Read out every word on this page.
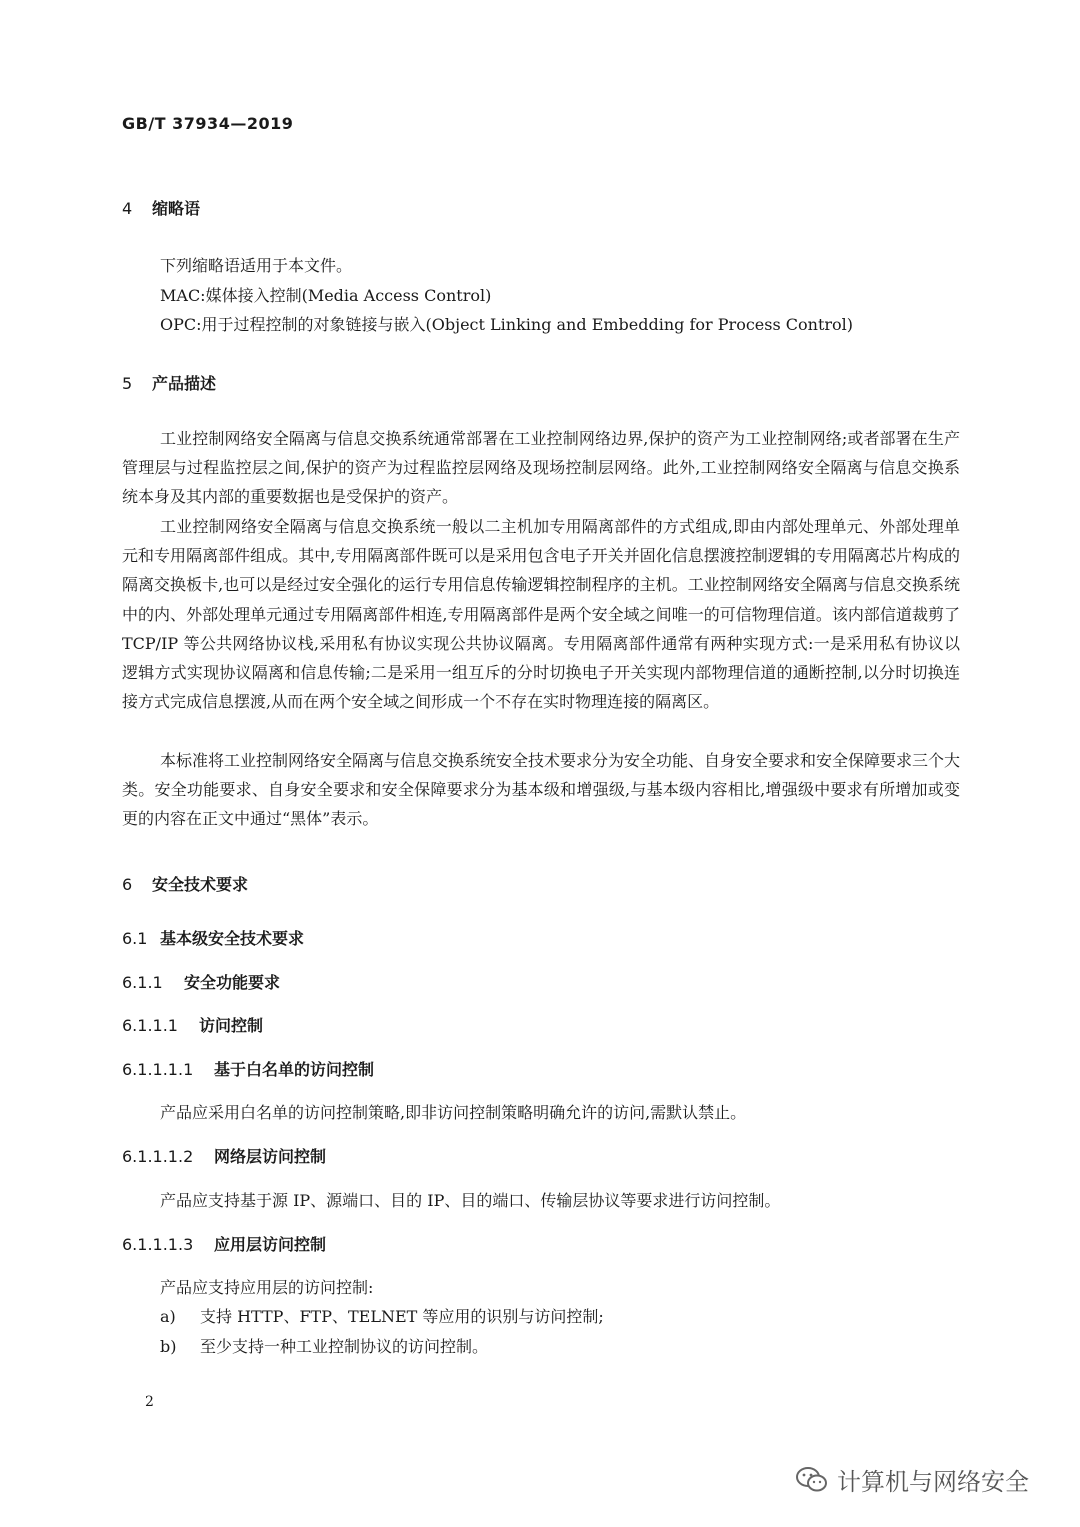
GB/T 37934—2019
4 缩略语
下列缩略语适用于本文件。
MAC:媒体接入控制(Media Access Control)
OPC:用于过程控制的对象链接与嵌入(Object Linking and Embedding for Process Control)
5 产品描述
工业控制网络安全隔离与信息交换系统通常部署在工业控制网络边界,保护的资产为工业控制网络;或者部署在生产管理层与过程监控层之间,保护的资产为过程监控层网络及现场控制层网络。此外,工业控制网络安全隔离与信息交换系统本身及其内部的重要数据也是受保护的资产。
工业控制网络安全隔离与信息交换系统一般以二主机加专用隔离部件的方式组成,即由内部处理单元、外部处理单元和专用隔离部件组成。其中,专用隔离部件既可以是采用包含电子开关并固化信息摆渡控制逻辑的专用隔离芯片构成的隔离交换板卡,也可以是经过安全强化的运行专用信息传输逻辑控制程序的主机。工业控制网络安全隔离与信息交换系统中的内、外部处理单元通过专用隔离部件相连,专用隔离部件是两个安全域之间唯一的可信物理信道。该内部信道裁剪了 TCP/IP 等公共网络协议栈,采用私有协议实现公共协议隔离。专用隔离部件通常有两种实现方式:一是采用私有协议以逻辑方式实现协议隔离和信息传输;二是采用一组互斥的分时切换电子开关实现内部物理信道的通断控制,以分时切换连接方式完成信息摆渡,从而在两个安全域之间形成一个不存在实时物理连接的隔离区。
本标准将工业控制网络安全隔离与信息交换系统安全技术要求分为安全功能、自身安全要求和安全保障要求三个大类。安全功能要求、自身安全要求和安全保障要求分为基本级和增强级,与基本级内容相比,增强级中要求有所增加或变更的内容在正文中通过“黑体”表示。
6 安全技术要求
6.1 基本级安全技术要求
6.1.1 安全功能要求
6.1.1.1 访问控制
6.1.1.1.1 基于白名单的访问控制
产品应采用白名单的访问控制策略,即非访问控制策略明确允许的访问,需默认禁止。
6.1.1.1.2 网络层访问控制
产品应支持基于源 IP、源端口、目的 IP、目的端口、传输层协议等要求进行访问控制。
6.1.1.1.3 应用层访问控制
产品应支持应用层的访问控制:
a) 支持 HTTP、FTP、TELNET 等应用的识别与访问控制;
b) 至少支持一种工业控制协议的访问控制。
2
计算机与网络安全
